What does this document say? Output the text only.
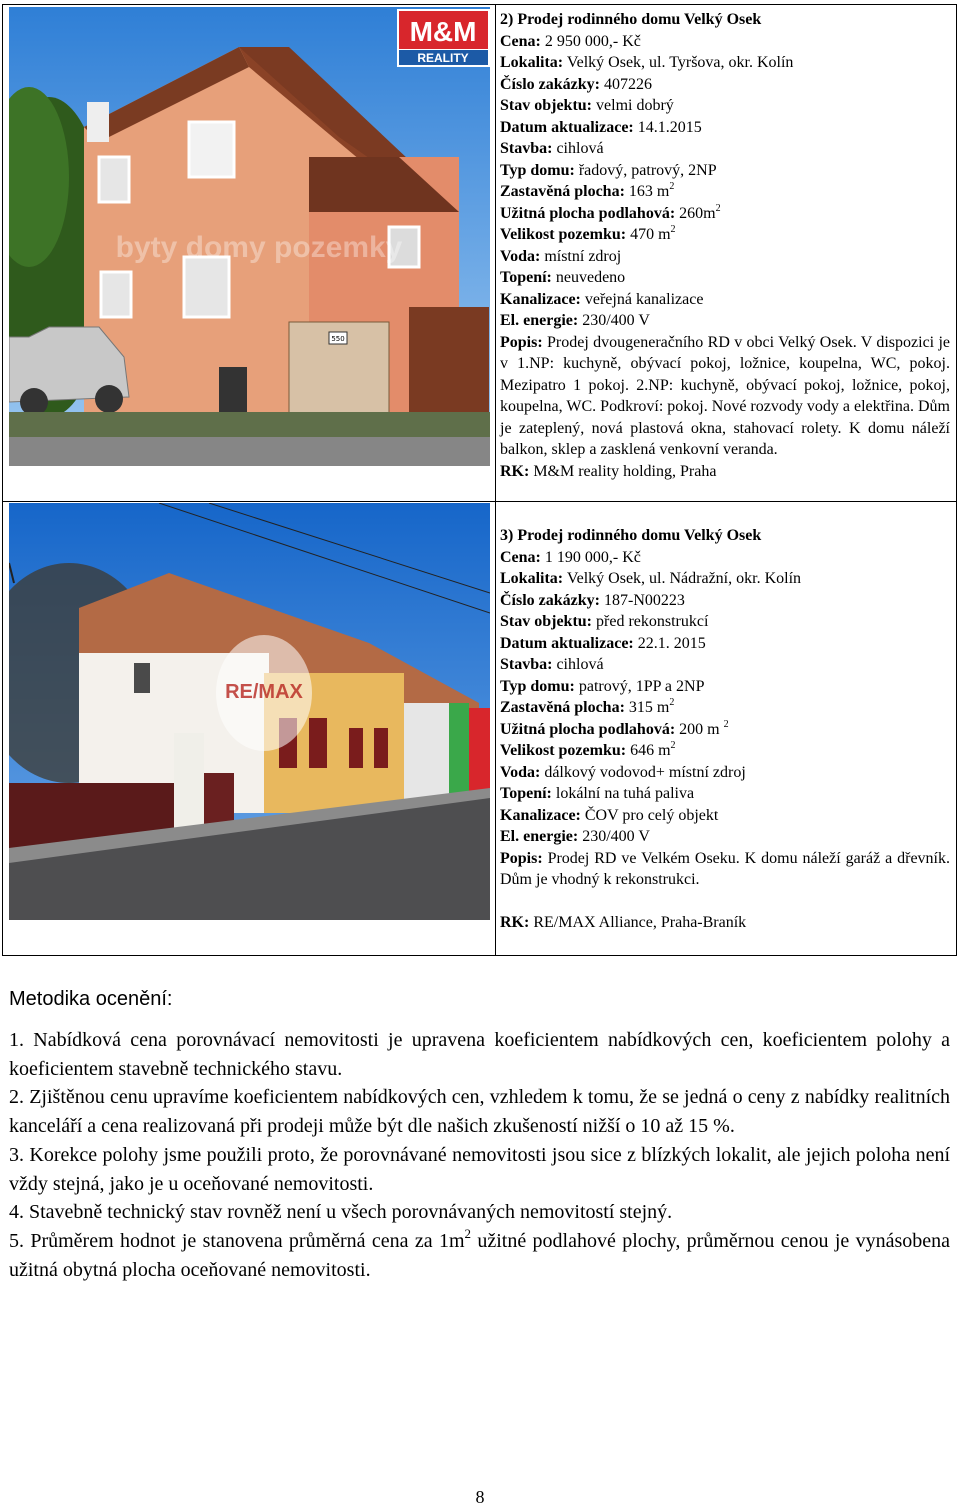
550
byty domy pozemky
M&M
REALITY
2) Prodej rodinného domu Velký Osek
Cena: 2 950 000,- Kč
Lokalita: Velký Osek, ul. Tyršova, okr. Kolín
Číslo zakázky: 407226
Stav objektu: velmi dobrý
Datum aktualizace: 14.1.2015
Stavba: cihlová
Typ domu: řadový, patrový, 2NP
Zastavěná plocha: 163 $m^2$
Užitná plocha podlahová: $260m^2$
Velikost pozemku: 470 $m^2$
Voda: místní zdroj
Topení: neuvedeno
Kanalizace: veřejná kanalizace
El. energie: 230/400 V
Popis: Prodej dvougeneračního RD v obci Velký Osek. V dispozici je v 1.NP: kuchyně, obývací pokoj, ložnice, koupelna, WC, pokoj. Mezipatro 1 pokoj. 2.NP: kuchyně, obývací pokoj, ložnice, pokoj, koupelna, WC. Podkroví: pokoj. Nové rozvody vody a elektřina. Dům je zateplený, nová plastová okna, stahovací rolety. K domu náleží balkon, sklep a zasklená venkovní veranda.
RK: M&M reality holding, Praha
RE/MAX
3) Prodej rodinného domu Velký Osek
Cena: 1 190 000,- Kč
Lokalita: Velký Osek, ul. Nádražní, okr. Kolín
Číslo zakázky: 187-N00223
Stav objektu: před rekonstrukcí
Datum aktualizace: 22.1. 2015
Stavba: cihlová
Typ domu: patrový, 1PP a 2NP
Zastavěná plocha: 315 $m^2$
Užitná plocha podlahová: 200 m $^2$
Velikost pozemku: 646 $m^2$
Voda: dálkový vodovod+ místní zdroj
Topení: lokální na tuhá paliva
Kanalizace: ČOV pro celý objekt
El. energie: 230/400 V
Popis: Prodej RD ve Velkém Oseku. K domu náleží garáž a dřevník. Dům je vhodný k rekonstrukci.
RK: RE/MAX Alliance, Praha-Braník
Metodika ocenění:

1. Nabídková cena porovnávací nemovitosti je upravena koeficientem nabídkových cen, koeficientem polohy a koeficientem stavebně technického stavu.

2. Zjištěnou cenu upravíme koeficientem nabídkových cen, vzhledem k tomu, že se jedná o ceny z nabídky realitních kanceláří a cena realizovaná při prodeji může být dle našich zkušeností nižší o 10 až 15 %.

3. Korekce polohy jsme použili proto, že porovnávané nemovitosti jsou sice z blízkých lokalit, ale jejich poloha není vždy stejná, jako je u oceňované nemovitosti.

4. Stavebně technický stav rovněž není u všech porovnávaných nemovitostí stejný.

5. Průměrem hodnot je stanovena průměrná cena za $1m^2$ užitné podlahové plochy, průměrnou cenou je vynásobena užitná obytná plocha oceňované nemovitosti.

8
